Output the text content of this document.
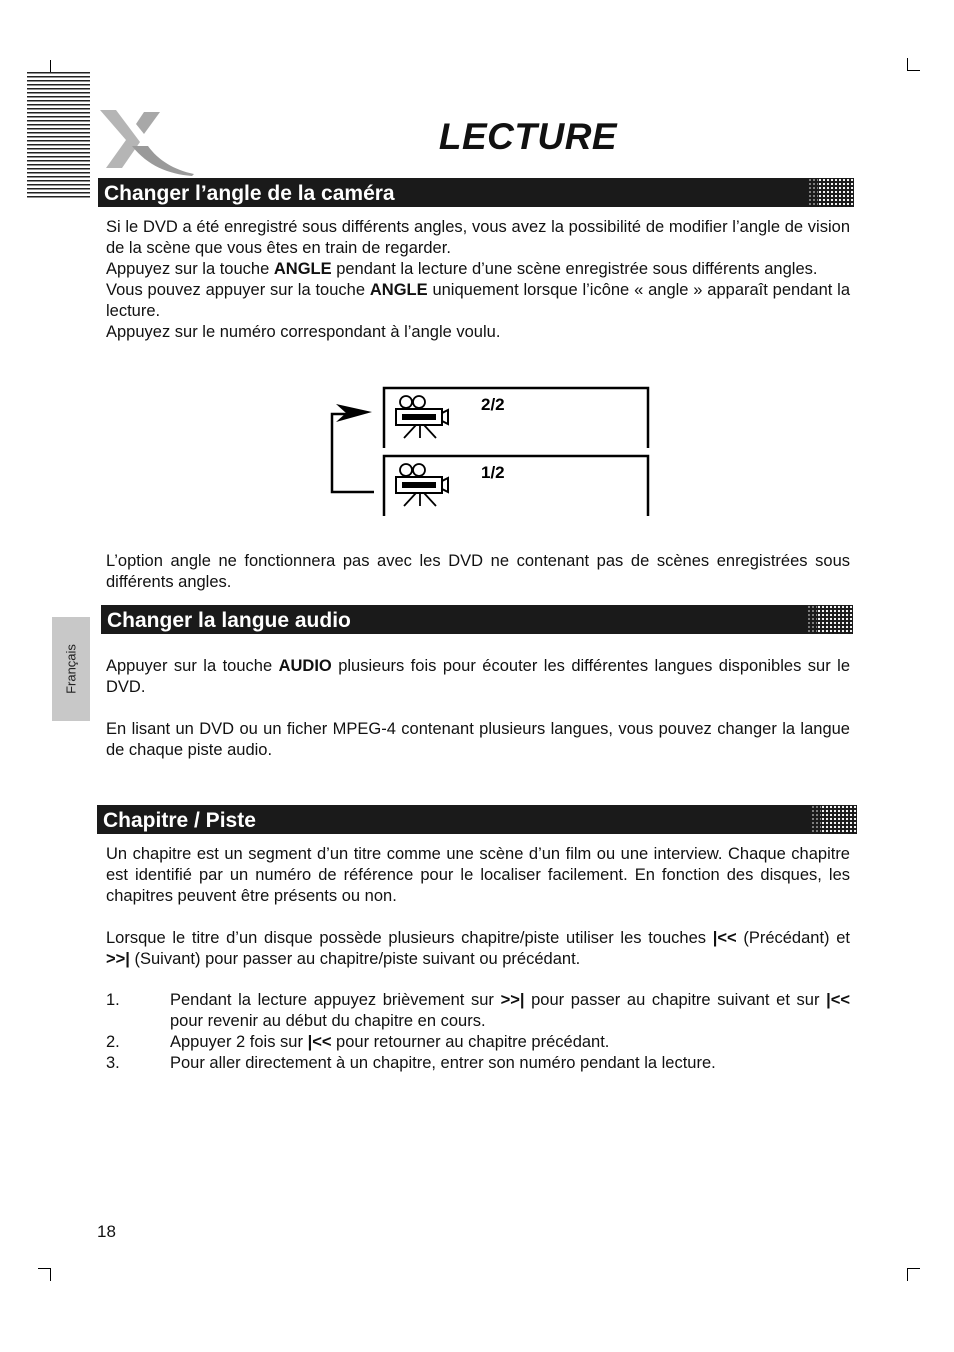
LECTURE
Changer l’angle de la caméra

Si le DVD a été enregistré sous différents angles, vous avez la possibilité de modifier l’angle de vision de la scène que vous êtes en train de regarder.

Appuyez sur la touche ANGLE pendant la lecture d’une scène enregistrée sous différents angles.

Vous pouvez appuyer sur la touche ANGLE uniquement lorsque l’icône « angle » apparaît pendant la lecture.

Appuyez sur le numéro correspondant à l’angle voulu.

2/2
1/2
L’option angle ne fonctionnera pas avec les DVD ne contenant pas de scènes enregistrées sous différents angles.
Français
Changer la langue audio
Appuyer sur la touche AUDIO plusieurs fois pour écouter les différentes langues disponibles sur le DVD.
En lisant un DVD ou un ficher MPEG-4 contenant plusieurs langues, vous pouvez changer la langue de chaque piste audio.
Chapitre / Piste
Un chapitre est un segment d’un titre comme une scène d’un film ou une interview. Chaque chapitre est identifié par un numéro de référence pour le localiser facilement. En fonction des disques, les chapitres peuvent être présents ou non.
Lorsque le titre d’un disque possède plusieurs chapitre/piste utiliser les touches |<< (Précédant) et >>| (Suivant) pour passer au chapitre/piste suivant ou précédant.
1.	Pendant la lecture appuyez brièvement sur >>| pour passer au chapitre suivant et sur |<< pour revenir au début du chapitre en cours.
2.	Appuyer 2 fois sur |<< pour retourner au chapitre précédant.
3.	Pour aller directement à un chapitre, entrer son numéro pendant la lecture.
18
